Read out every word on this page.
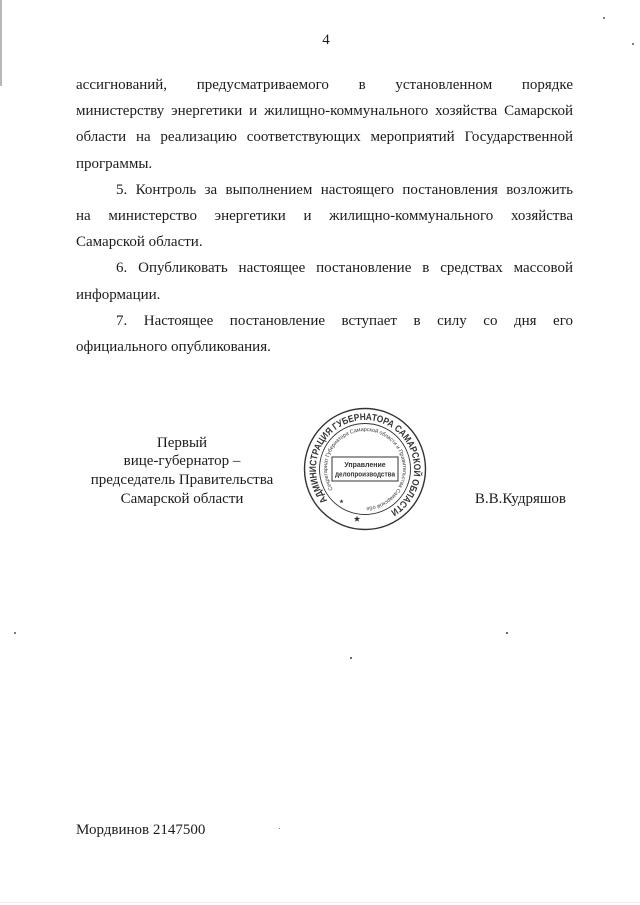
4
ассигнований, предусматриваемого в установленном порядке
министерству энергетики и жилищно-коммунального хозяйства Самарской
области на реализацию соответствующих мероприятий Государственной
программы.
5. Контроль за выполнением настоящего постановления возложить
на министерство энергетики и жилищно-коммунального хозяйства
Самарской области.
6. Опубликовать настоящее постановление в средствах массовой
информации.
7. Настоящее постановление вступает в силу со дня его
официального опубликования.
Первый
вице-губернатор –
председатель Правительства
Самарской области	АДМИНИСТРАЦИЯ ГУБЕРНАТОРА САМАРСКОЙ ОБЛАСТИ
Секретариат Губернатора Самарской области и Правительства Самарской области
Управление
делопроизводства
В.В.Кудряшов
Мордвинов 2147500
